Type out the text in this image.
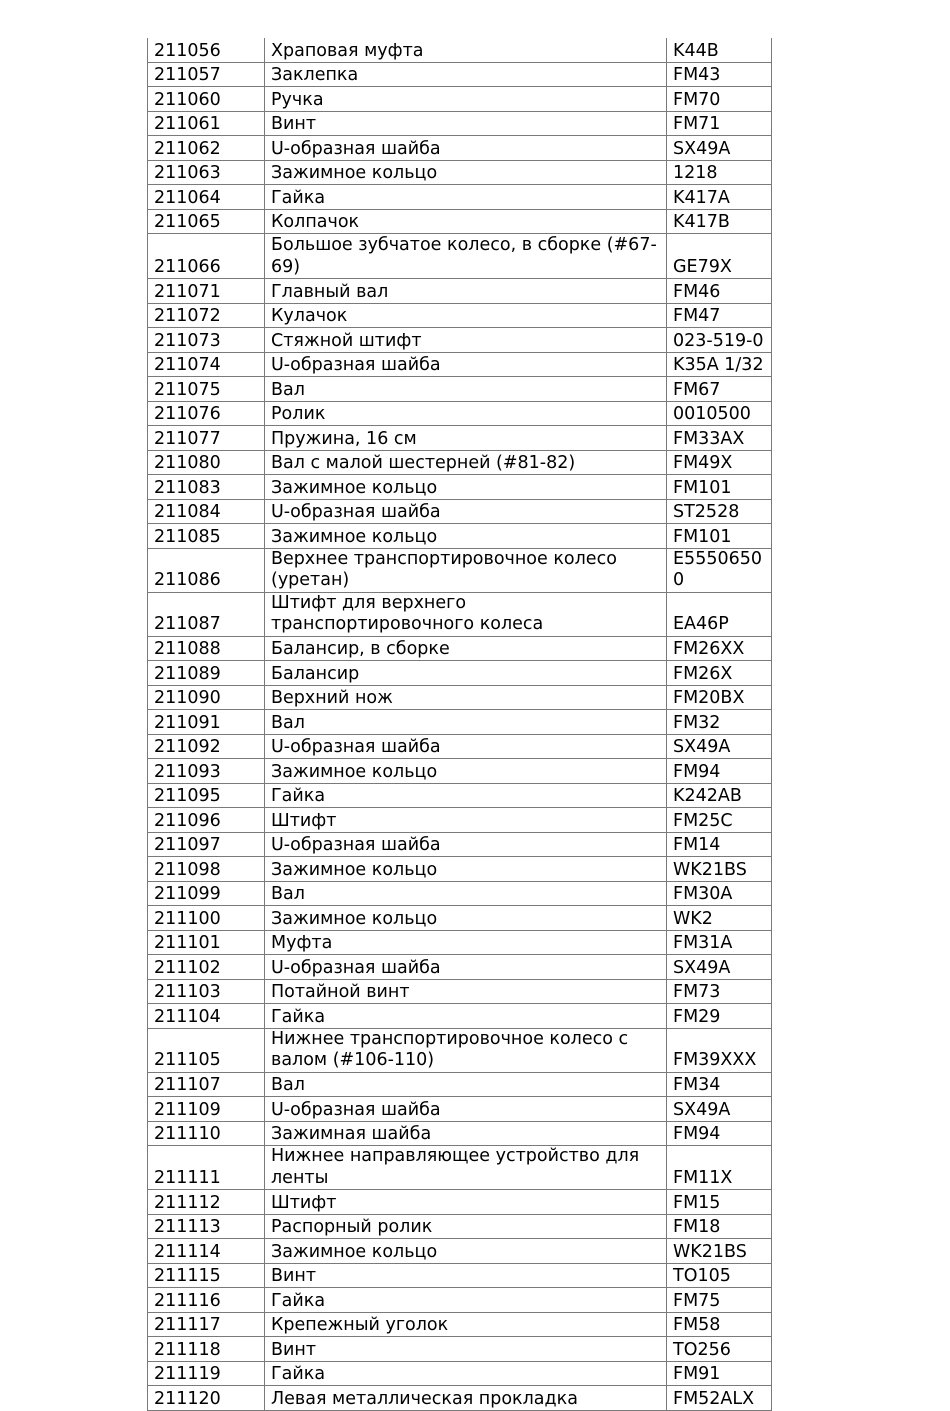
211056	Храповая муфта	K44B
211057	Заклепка	FM43
211060	Ручка	FM70
211061	Винт	FM71
211062	U-образная шайба	SX49A
211063	Зажимное кольцо	1218
211064	Гайка	K417A
211065	Колпачок	K417B
211066	Большое зубчатое колесо, в сборке (#67-69)	GE79X
211071	Главный вал	FM46
211072	Кулачок	FM47
211073	Стяжной штифт	023-519-0
211074	U-образная шайба	K35A 1/32
211075	Вал	FM67
211076	Ролик	0010500
211077	Пружина, 16 см	FM33AX
211080	Вал с малой шестерней (#81-82)	FM49X
211083	Зажимное кольцо	FM101
211084	U-образная шайба	ST2528
211085	Зажимное кольцо	FM101
211086	Верхнее транспортировочное колесо (уретан)	E55506500
211087	Штифт для верхнего транспортировочного колеса	EA46P
211088	Балансир, в сборке	FM26XX
211089	Балансир	FM26X
211090	Верхний нож	FM20BX
211091	Вал	FM32
211092	U-образная шайба	SX49A
211093	Зажимное кольцо	FM94
211095	Гайка	K242AB
211096	Штифт	FM25C
211097	U-образная шайба	FM14
211098	Зажимное кольцо	WK21BS
211099	Вал	FM30A
211100	Зажимное кольцо	WK2
211101	Муфта	FM31A
211102	U-образная шайба	SX49A
211103	Потайной винт	FM73
211104	Гайка	FM29
211105	Нижнее транспортировочное колесо с валом (#106-110)	FM39XXX
211107	Вал	FM34
211109	U-образная шайба	SX49A
211110	Зажимная шайба	FM94
211111	Нижнее направляющее устройство для ленты	FM11X
211112	Штифт	FM15
211113	Распорный ролик	FM18
211114	Зажимное кольцо	WK21BS
211115	Винт	TO105
211116	Гайка	FM75
211117	Крепежный уголок	FM58
211118	Винт	TO256
211119	Гайка	FM91
211120	Левая металлическая прокладка	FM52ALX
